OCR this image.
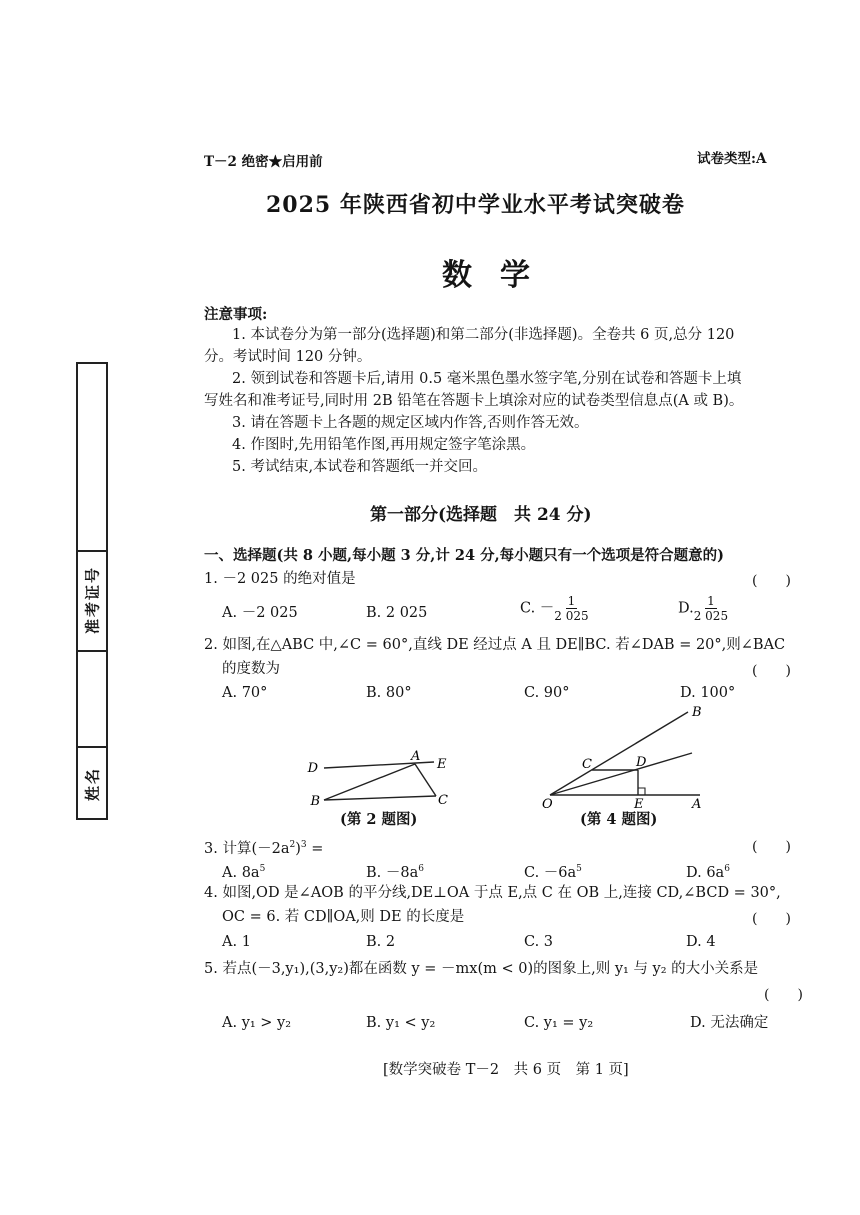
T－2 绝密★启用前	试卷类型:A
2025 年陕西省初中学业水平考试突破卷
数学
注意事项:
1. 本试卷分为第一部分(选择题)和第二部分(非选择题)。全卷共 6 页,总分 120
分。考试时间 120 分钟。
2. 领到试卷和答题卡后,请用 0.5 毫米黑色墨水签字笔,分别在试卷和答题卡上填
写姓名和准考证号,同时用 2B 铅笔在答题卡上填涂对应的试卷类型信息点(A 或 B)。
3. 请在答题卡上各题的规定区域内作答,否则作答无效。
4. 作图时,先用铅笔作图,再用规定签字笔涂黑。
5. 考试结束,本试卷和答题纸一并交回。
准考证号
姓名
第一部分(选择题　共 24 分)
一、选择题(共 8 小题,每小题 3 分,计 24 分,每小题只有一个选项是符合题意的)
1. －2 025 的绝对值是	(　　)
A. －2 025	B. 2 025	C. － $\frac{1}{2 025}$	D. $\frac{1}{2 025}$
2. 如图,在△ABC 中,∠C = 60°,直线 DE 经过点 A 且 DE∥BC. 若∠DAB = 20°,则∠BAC
的度数为	(　　)
A. 70°	B. 80°	C. 90°	D. 100°
D
A
E
B	C
B
C	D
O	E	A
(第 2 题图)	(第 4 题图)
3. 计算$(-2a^2)^3$ =	(　　)
A. $8a^5$	B. $-8a^6$	C. $-6a^5$	D. $6a^6$
4. 如图,OD 是∠AOB 的平分线,DE⊥OA 于点 E,点 C 在 OB 上,连接 CD,∠BCD = 30°,
OC = 6. 若 CD∥OA,则 DE 的长度是	(　　)
A. 1	B. 2	C. 3	D. 4
5. 若点(－3,y₁),(3,y₂)都在函数 y = －mx(m < 0)的图象上,则 y₁ 与 y₂ 的大小关系是
(　　)
A. y₁ > y₂	B. y₁ < y₂	C. y₁ = y₂	D. 无法确定
[数学突破卷 T－2　共 6 页　第 1 页]
